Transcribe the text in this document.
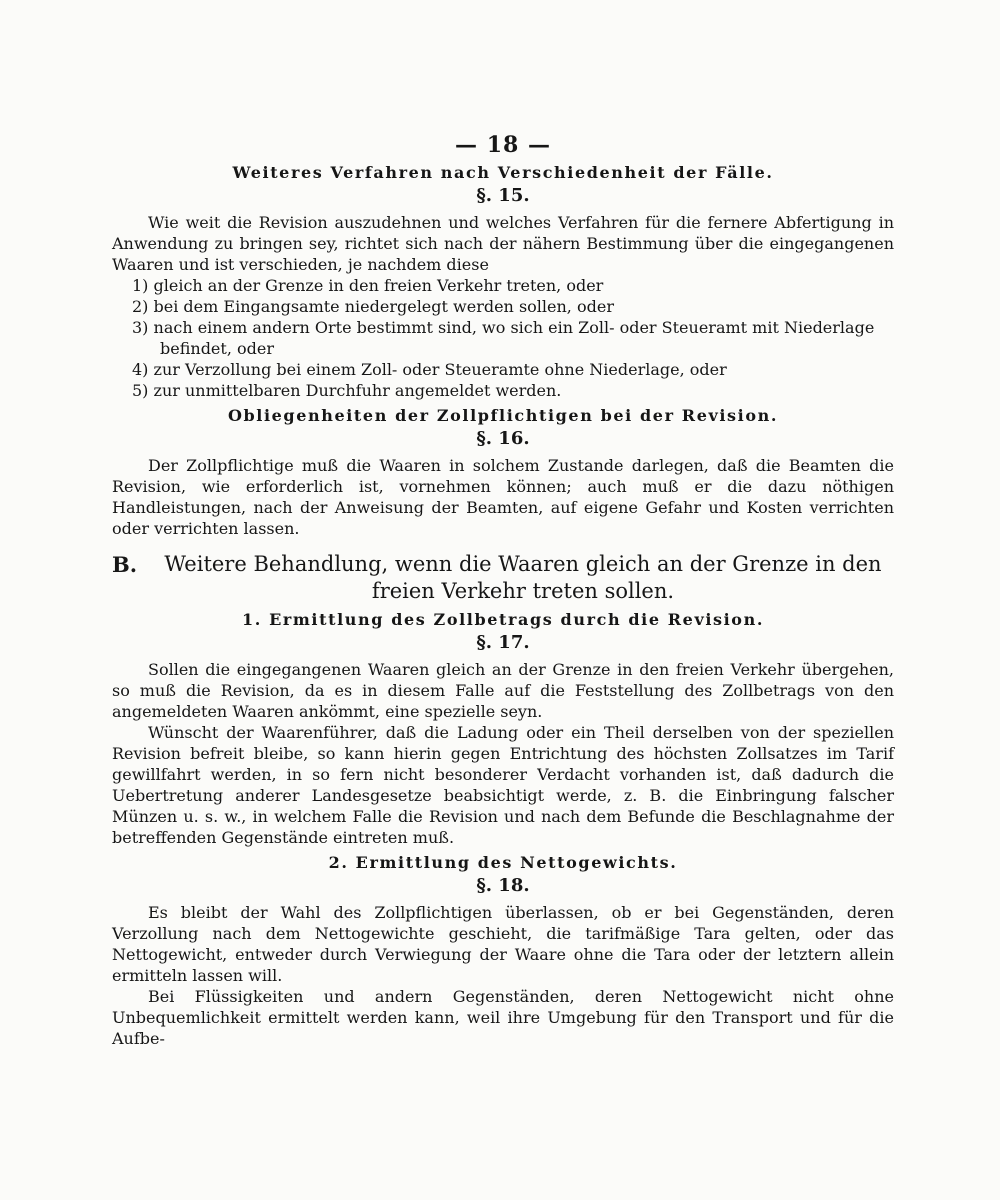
— 18 —
Weiteres Verfahren nach Verschiedenheit der Fälle.
§. 15.

Wie weit die Revision auszudehnen und welches Verfahren für die fernere Abfertigung in Anwendung zu bringen sey, richtet sich nach der nähern Bestimmung über die eingegangenen Waaren und ist verschieden, je nachdem diese

1) gleich an der Grenze in den freien Verkehr treten, oder
2) bei dem Eingangsamte niedergelegt werden sollen, oder
3) nach einem andern Orte bestimmt sind, wo sich ein Zoll- oder Steueramt mit Niederlage befindet, oder
4) zur Verzollung bei einem Zoll- oder Steueramte ohne Niederlage, oder
5) zur unmittelbaren Durchfuhr angemeldet werden.
Obliegenheiten der Zollpflichtigen bei der Revision.
§. 16.

Der Zollpflichtige muß die Waaren in solchem Zustande darlegen, daß die Beamten die Revision, wie erforderlich ist, vornehmen können; auch muß er die dazu nöthigen Handleistungen, nach der Anweisung der Beamten, auf eigene Gefahr und Kosten verrichten oder verrichten lassen.

B.	Weitere Behandlung, wenn die Waaren gleich an der Grenze in den freien Verkehr treten sollen.
1. Ermittlung des Zollbetrags durch die Revision.
§. 17.

Sollen die eingegangenen Waaren gleich an der Grenze in den freien Verkehr übergehen, so muß die Revision, da es in diesem Falle auf die Feststellung des Zollbetrags von den angemeldeten Waaren ankömmt, eine spezielle seyn.

Wünscht der Waarenführer, daß die Ladung oder ein Theil derselben von der speziellen Revision befreit bleibe, so kann hierin gegen Entrichtung des höchsten Zollsatzes im Tarif gewillfahrt werden, in so fern nicht besonderer Verdacht vorhanden ist, daß dadurch die Uebertretung anderer Landesgesetze beabsichtigt werde, z. B. die Einbringung falscher Münzen u. s. w., in welchem Falle die Revision und nach dem Befunde die Beschlagnahme der betreffenden Gegenstände eintreten muß.

2. Ermittlung des Nettogewichts.
§. 18.

Es bleibt der Wahl des Zollpflichtigen überlassen, ob er bei Gegenständen, deren Verzollung nach dem Nettogewichte geschieht, die tarifmäßige Tara gelten, oder das Nettogewicht, entweder durch Verwiegung der Waare ohne die Tara oder der letztern allein ermitteln lassen will.

Bei Flüssigkeiten und andern Gegenständen, deren Nettogewicht nicht ohne Unbequemlichkeit ermittelt werden kann, weil ihre Umgebung für den Transport und für die Aufbe-
